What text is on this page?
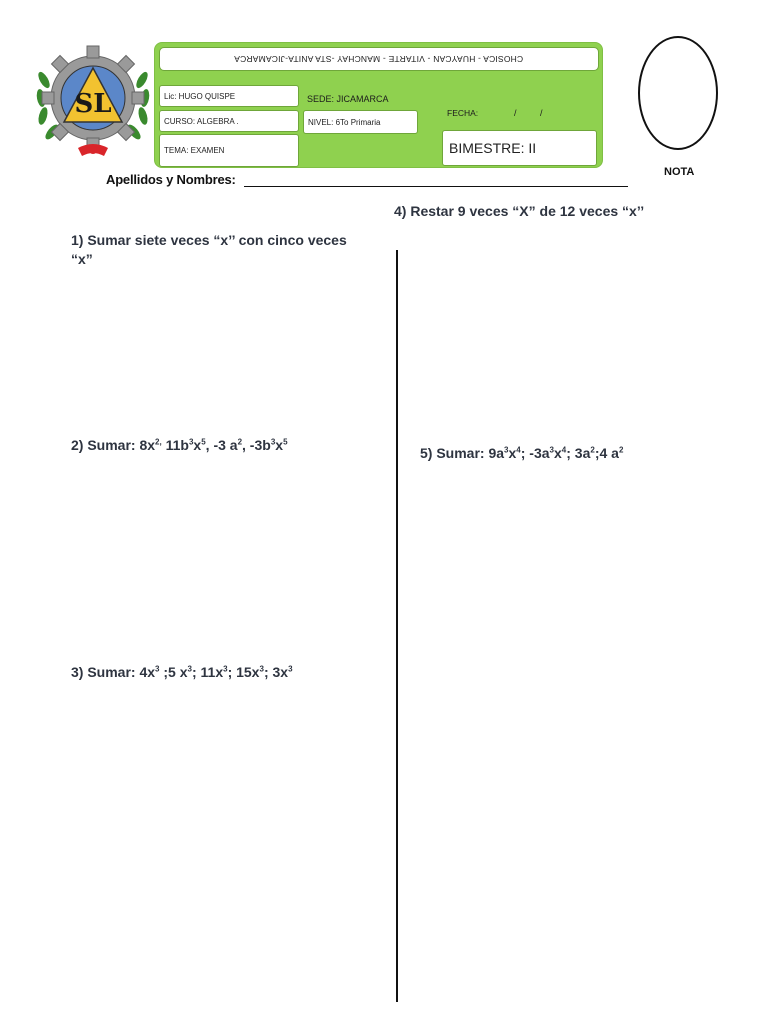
SL
CHOSICA - HUAYCAN - VITARTE - MANCHAY -STA ANITA-JICAMARCA
Lic: HUGO QUISPE
CURSO: ALGEBRA .
TEMA: EXAMEN
SEDE: JICAMARCA
NIVEL: 6To Primaria
FECHA:	/	/
BIMESTRE: II
NOTA
Apellidos y Nombres:
1) Sumar siete veces “x’’ con cinco veces “x”
2) Sumar: $8x^{2,}$ $11b^3x^5$, -3 $a^2$, $-3b^3x^5$
3) Sumar: $4x^3$ ;5 $x^3$; $11x^3$; $15x^3$; $3x^3$
4) Restar 9 veces “X” de 12 veces “x’’
5) Sumar: $9a^3x^4$; $-3a^3x^4$; $3a^2;4$ $a^2$
